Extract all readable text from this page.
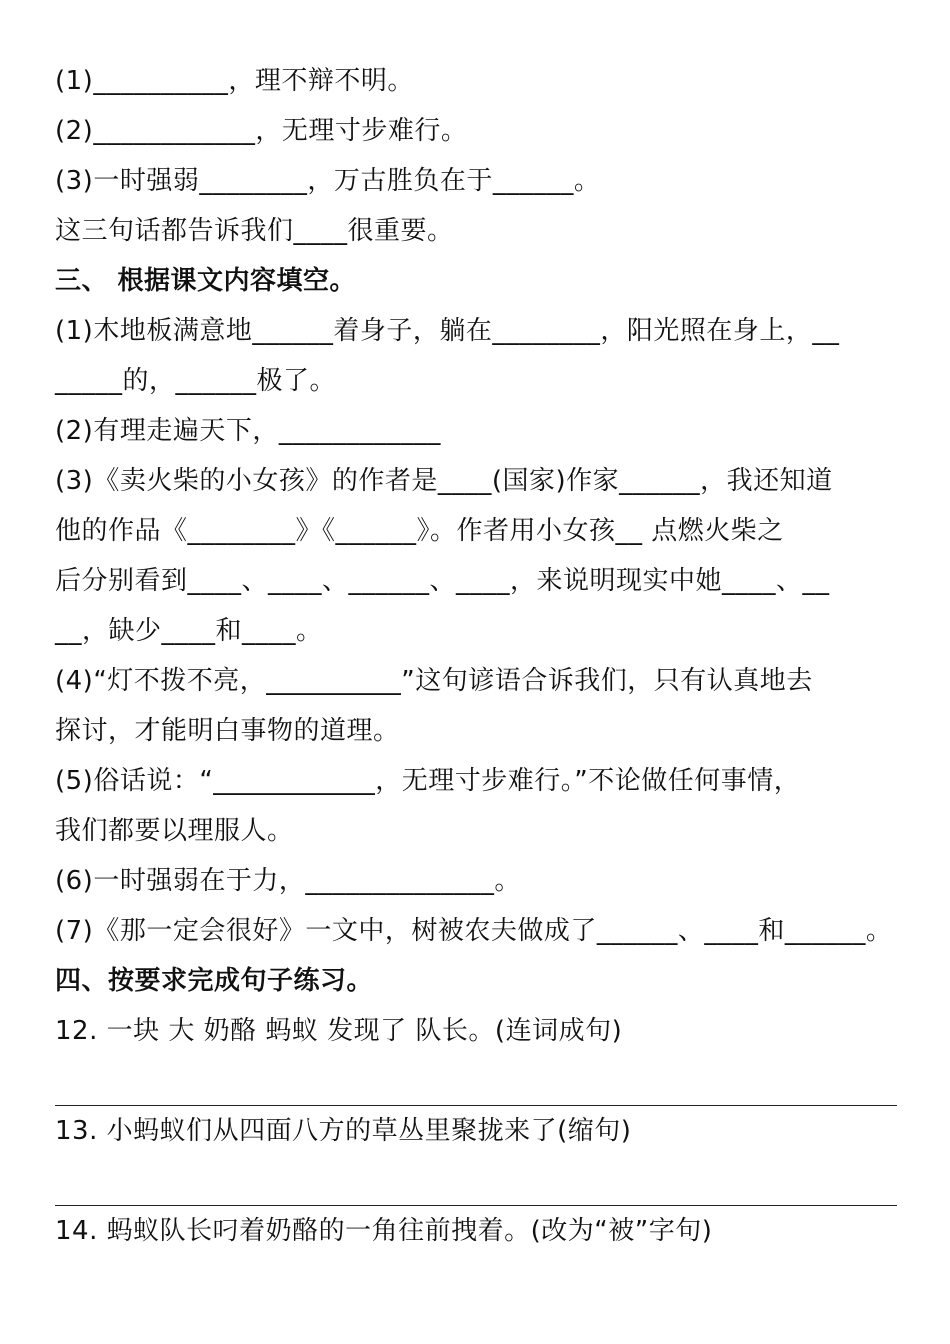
(1)__________，理不辩不明。
(2)____________，无理寸步难行。
(3)一时强弱________，万古胜负在于______。
这三句话都告诉我们____很重要。
三、 根据课文内容填空。
(1)木地板满意地______着身子，躺在________，阳光照在身上，__
_____的，______极了。
(2)有理走遍天下，____________
(3)《卖火柴的小女孩》的作者是____(国家)作家______，我还知道
他的作品《________》《______》。作者用小女孩__ 点燃火柴之
后分别看到____、____、______、____，来说明现实中她____、__
__，缺少____和____。
(4)“灯不拨不亮，__________”这句谚语合诉我们，只有认真地去
探讨，才能明白事物的道理。
(5)俗话说：“____________，无理寸步难行。”不论做任何事情，
我们都要以理服人。
(6)一时强弱在于力，______________。
(7)《那一定会很好》一文中，树被农夫做成了______、____和______。
四、按要求完成句子练习。
12. 一块 大 奶酪 蚂蚁 发现了 队长。(连词成句)
13. 小蚂蚁们从四面八方的草丛里聚拢来了(缩句)
14. 蚂蚁队长叼着奶酪的一角往前拽着。(改为“被”字句)
